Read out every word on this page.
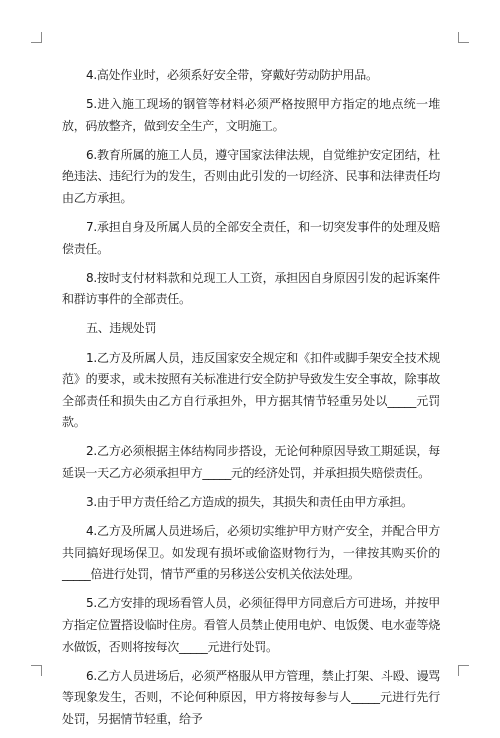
4.高处作业时，必须系好安全带，穿戴好劳动防护用品。

5.进入施工现场的钢管等材料必须严格按照甲方指定的地点统一堆放，码放整齐，做到安全生产，文明施工。

6.教育所属的施工人员，遵守国家法律法规，自觉维护安定团结，杜绝违法、违纪行为的发生，否则由此引发的一切经济、民事和法律责任均由乙方承担。

7.承担自身及所属人员的全部安全责任，和一切突发事件的处理及赔偿责任。

8.按时支付材料款和兑现工人工资，承担因自身原因引发的起诉案件和群访事件的全部责任。

五、违规处罚

1.乙方及所属人员，违反国家安全规定和《扣件或脚手架安全技术规范》的要求，或未按照有关标准进行安全防护导致发生安全事故，除事故全部责任和损失由乙方自行承担外，甲方据其情节轻重另处以_____元罚款。

2.乙方必须根据主体结构同步搭设，无论何种原因导致工期延误，每延误一天乙方必须承担甲方_____元的经济处罚，并承担损失赔偿责任。

3.由于甲方责任给乙方造成的损失，其损失和责任由甲方承担。

4.乙方及所属人员进场后，必须切实维护甲方财产安全，并配合甲方共同搞好现场保卫。如发现有损坏或偷盗财物行为，一律按其购买价的_____倍进行处罚，情节严重的另移送公安机关依法处理。

5.乙方安排的现场看管人员，必须征得甲方同意后方可进场，并按甲方指定位置搭设临时住房。看管人员禁止使用电炉、电饭煲、电水壶等烧水做饭，否则将按每次_____元进行处罚。

6.乙方人员进场后，必须严格服从甲方管理，禁止打架、斗殴、谩骂等现象发生，否则，不论何种原因，甲方将按每参与人_____元进行先行处罚，另据情节轻重，给予
